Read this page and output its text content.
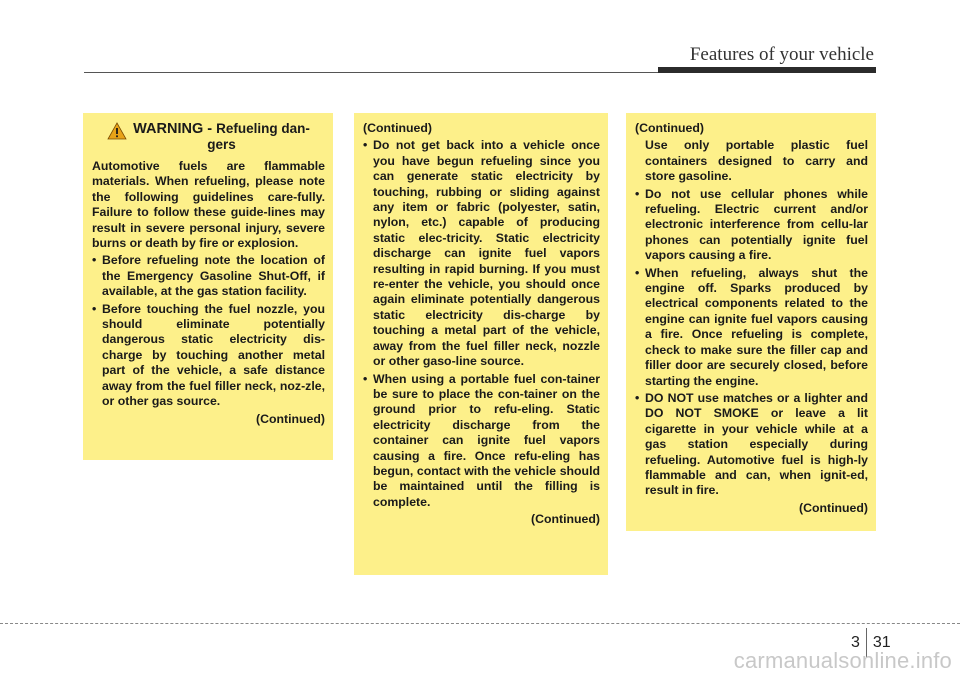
Features of your vehicle
WARNING - Refueling dan-
gers

Automotive fuels are flammable materials. When refueling, please note the following guidelines care-fully. Failure to follow these guide-lines may result in severe personal injury, severe burns or death by fire or explosion.

• Before refueling note the location of the Emergency Gasoline Shut-Off, if available, at the gas station facility.
• Before touching the fuel nozzle, you should eliminate potentially dangerous static electricity dis-charge by touching another metal part of the vehicle, a safe distance away from the fuel filler neck, noz-zle, or other gas source.
(Continued)
(Continued)
• Do not get back into a vehicle once you have begun refueling since you can generate static electricity by touching, rubbing or sliding against any item or fabric (polyester, satin, nylon, etc.) capable of producing static elec-tricity. Static electricity discharge can ignite fuel vapors resulting in rapid burning. If you must re-enter the vehicle, you should once again eliminate potentially dangerous static electricity dis-charge by touching a metal part of the vehicle, away from the fuel filler neck, nozzle or other gaso-line source.
• When using a portable fuel con-tainer be sure to place the con-tainer on the ground prior to refu-eling. Static electricity discharge from the container can ignite fuel vapors causing a fire. Once refu-eling has begun, contact with the vehicle should be maintained until the filling is complete.
(Continued)
(Continued)

Use only portable plastic fuel containers designed to carry and store gasoline.

• Do not use cellular phones while refueling. Electric current and/or electronic interference from cellu-lar phones can potentially ignite fuel vapors causing a fire.
• When refueling, always shut the engine off. Sparks produced by electrical components related to the engine can ignite fuel vapors causing a fire. Once refueling is complete, check to make sure the filler cap and filler door are securely closed, before starting the engine.
• DO NOT use matches or a lighter and DO NOT SMOKE or leave a lit cigarette in your vehicle while at a gas station especially during refueling. Automotive fuel is high-ly flammable and can, when ignit-ed, result in fire.
(Continued)
3 31
carmanualsonline.info
